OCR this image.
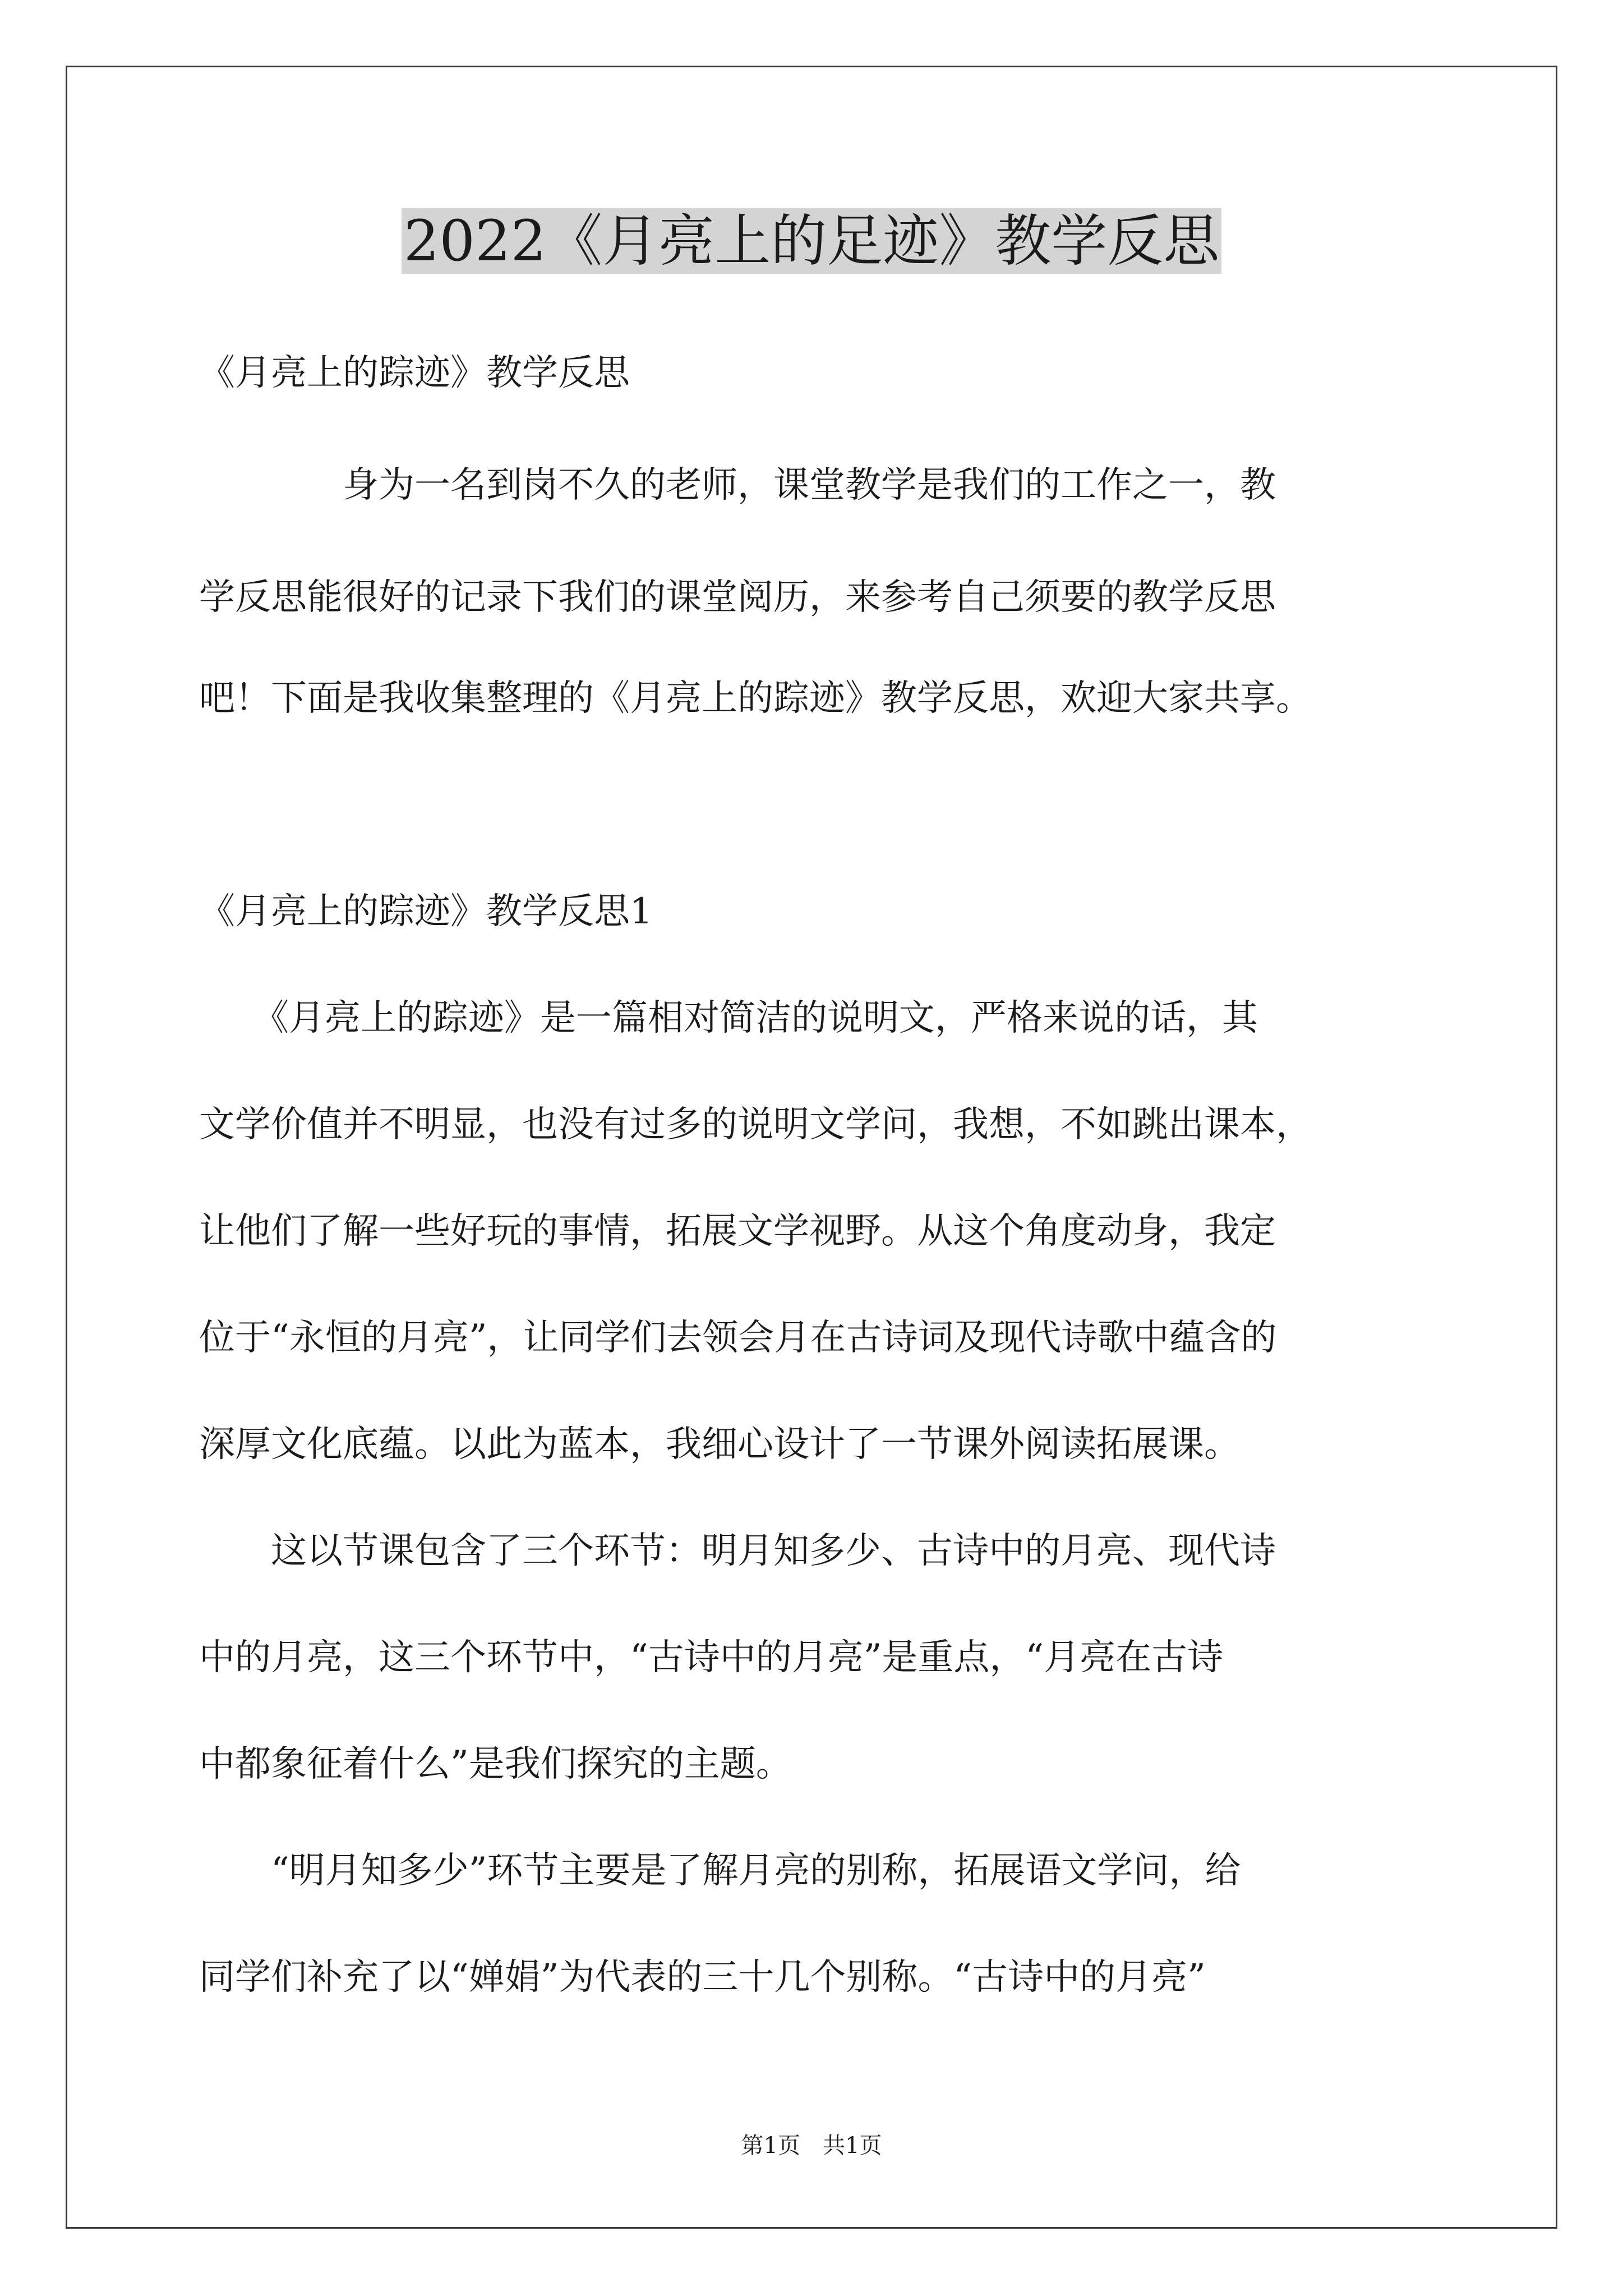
2022《月亮上的足迹》教学反思

《月亮上的踪迹》教学反思

　　　　身为一名到岗不久的老师，课堂教学是我们的工作之一，教

学反思能很好的记录下我们的课堂阅历，来参考自己须要的教学反思

吧！下面是我收集整理的《月亮上的踪迹》教学反思，欢迎大家共享。

《月亮上的踪迹》教学反思1

　　《月亮上的踪迹》是一篇相对简洁的说明文，严格来说的话，其

文学价值并不明显，也没有过多的说明文学问，我想，不如跳出课本，

让他们了解一些好玩的事情，拓展文学视野。从这个角度动身，我定

位于“永恒的月亮”，让同学们去领会月在古诗词及现代诗歌中蕴含的

深厚文化底蕴。以此为蓝本，我细心设计了一节课外阅读拓展课。

　　这以节课包含了三个环节：明月知多少、古诗中的月亮、现代诗

中的月亮，这三个环节中，“古诗中的月亮”是重点，“月亮在古诗

中都象征着什么”是我们探究的主题。

　　“明月知多少”环节主要是了解月亮的别称，拓展语文学问，给

同学们补充了以“婵娟”为代表的三十几个别称。“古诗中的月亮”

第1页 共1页
